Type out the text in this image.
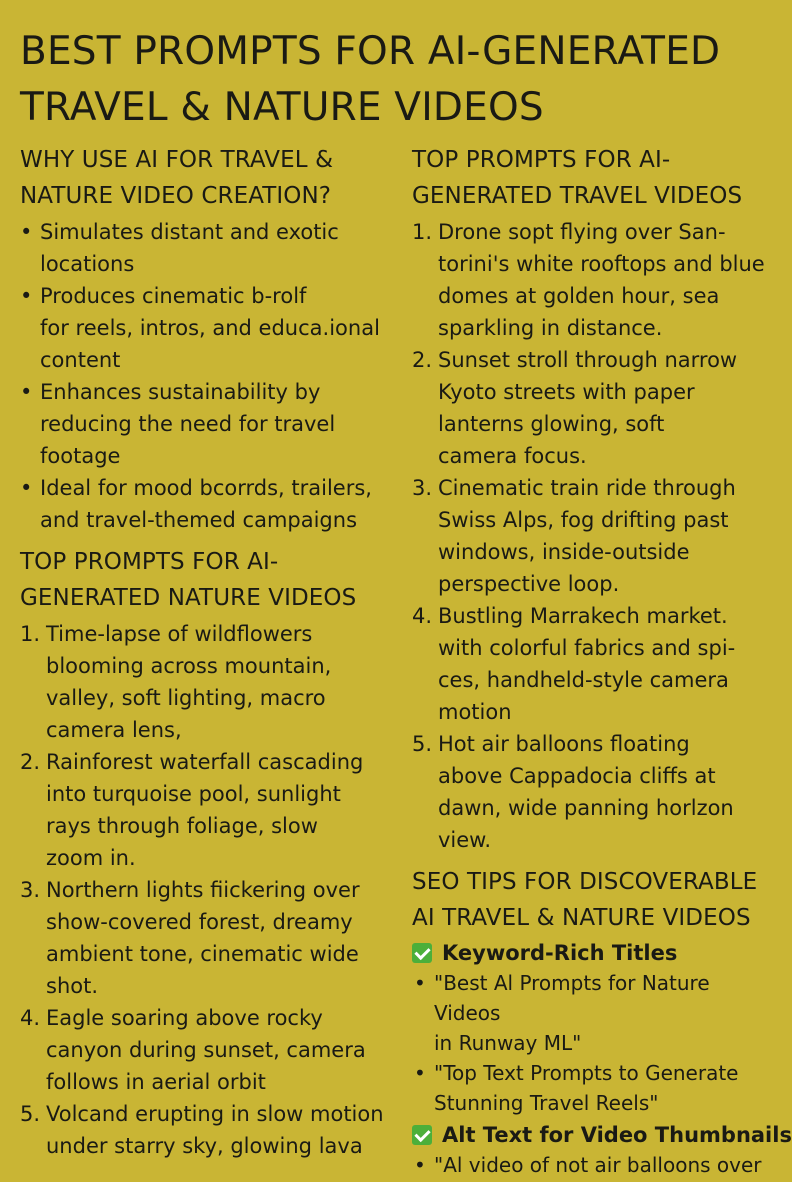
BEST PROMPTS FOR AI-GENERATED
TRAVEL & NATURE VIDEOS
WHY USE AI FOR TRAVEL &
NATURE VIDEO CREATION?
• Simulates distant and exotic
locations
• Produces cinematic b-rolf
for reels, intros, and educa.ional
content
• Enhances sustainability by
reducing the need for travel
footage
• Ideal for mood bcorrds, trailers,
and travel-themed campaigns
TOP PROMPTS FOR AI-
GENERATED NATURE VIDEOS
1. Time-lapse of wildflowers
blooming across mountain,
valley, soft lighting, macro
camera lens,
2. Rainforest waterfall cascading
into turquoise pool, sunlight
rays through foliage, slow
zoom in.
3. Northern lights fiickering over
show-covered forest, dreamy
ambient tone, cinematic wide
shot.
4. Eagle soaring above rocky
canyon during sunset, camera
follows in aerial orbit
5. Volcand erupting in slow motion
under starry sky, glowing lava
TOP PROMPTS FOR AI-
GENERATED TRAVEL VIDEOS
1. Drone sopt flying over San-
torini's white rooftops and blue
domes at golden hour, sea
sparkling in distance.
2. Sunset stroll through narrow
Kyoto streets with paper
lanterns glowing, soft
camera focus.
3. Cinematic train ride through
Swiss Alps, fog drifting past
windows, inside-outside
perspective loop.
4. Bustling Marrakech market.
with colorful fabrics and spi-
ces, handheld-style camera
motion
5. Hot air balloons floating
above Cappadocia cliffs at
dawn, wide panning horlzon
view.
SEO TIPS FOR DISCOVERABLE
AI TRAVEL & NATURE VIDEOS
Keyword-Rich Titles
• "Best Al Prompts for Nature Videos
in Runway ML"
• "Top Text Prompts to Generate
Stunning Travel Reels"
Alt Text for Video Thumbnails
• "Al video of not air balloons over
